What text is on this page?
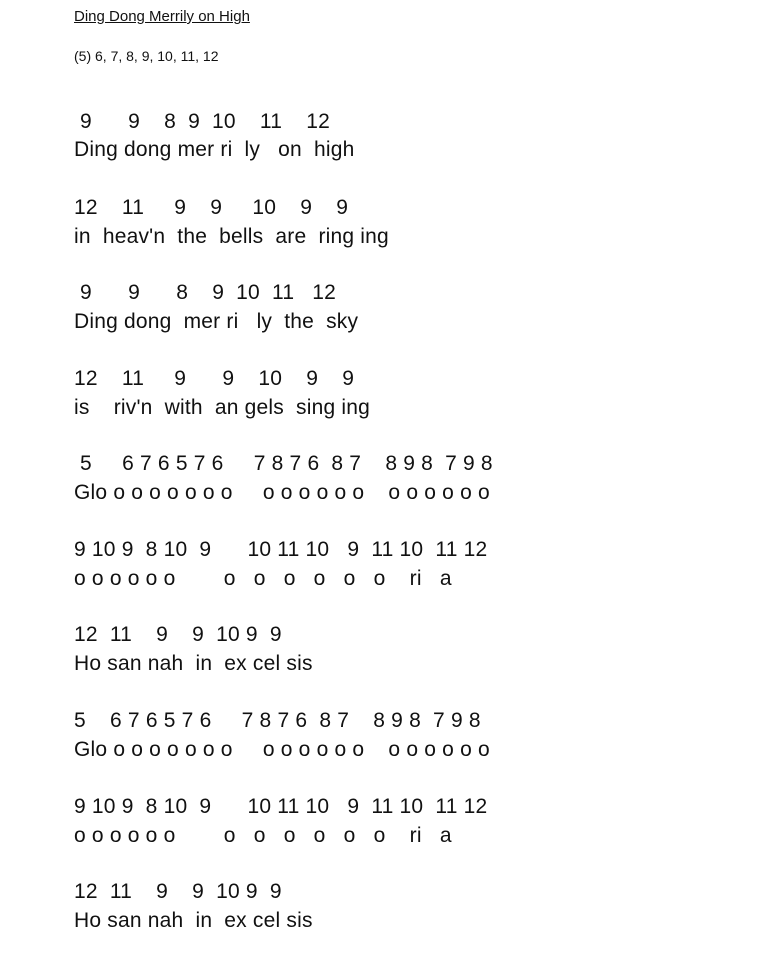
Ding Dong Merrily on High
(5) 6, 7, 8, 9, 10, 11, 12
9      9    8  9  10    11    12
Ding dong mer ri  ly   on  high
12    11     9    9     10    9    9
in  heav'n  the  bells  are  ring ing
9      9      8    9  10  11   12
Ding dong  mer ri   ly  the  sky
12    11     9      9    10    9    9
is    riv'n  with  an gels  sing ing
5     6 7 6 5 7 6     7 8 7 6  8 7    8 9 8  7 9 8
Glo o o o o o o o     o o o o o o    o o o o o o
9 10 9  8 10  9      10 11 10   9  11 10  11 12
o o o o o o        o   o   o   o   o   o    ri   a
12  11    9    9  10 9  9
Ho san nah  in  ex cel sis
5    6 7 6 5 7 6     7 8 7 6  8 7    8 9 8  7 9 8
Glo o o o o o o o     o o o o o o    o o o o o o
9 10 9  8 10  9      10 11 10   9  11 10  11 12
o o o o o o        o   o   o   o   o   o    ri   a
12  11    9    9  10 9  9
Ho san nah  in  ex cel sis
